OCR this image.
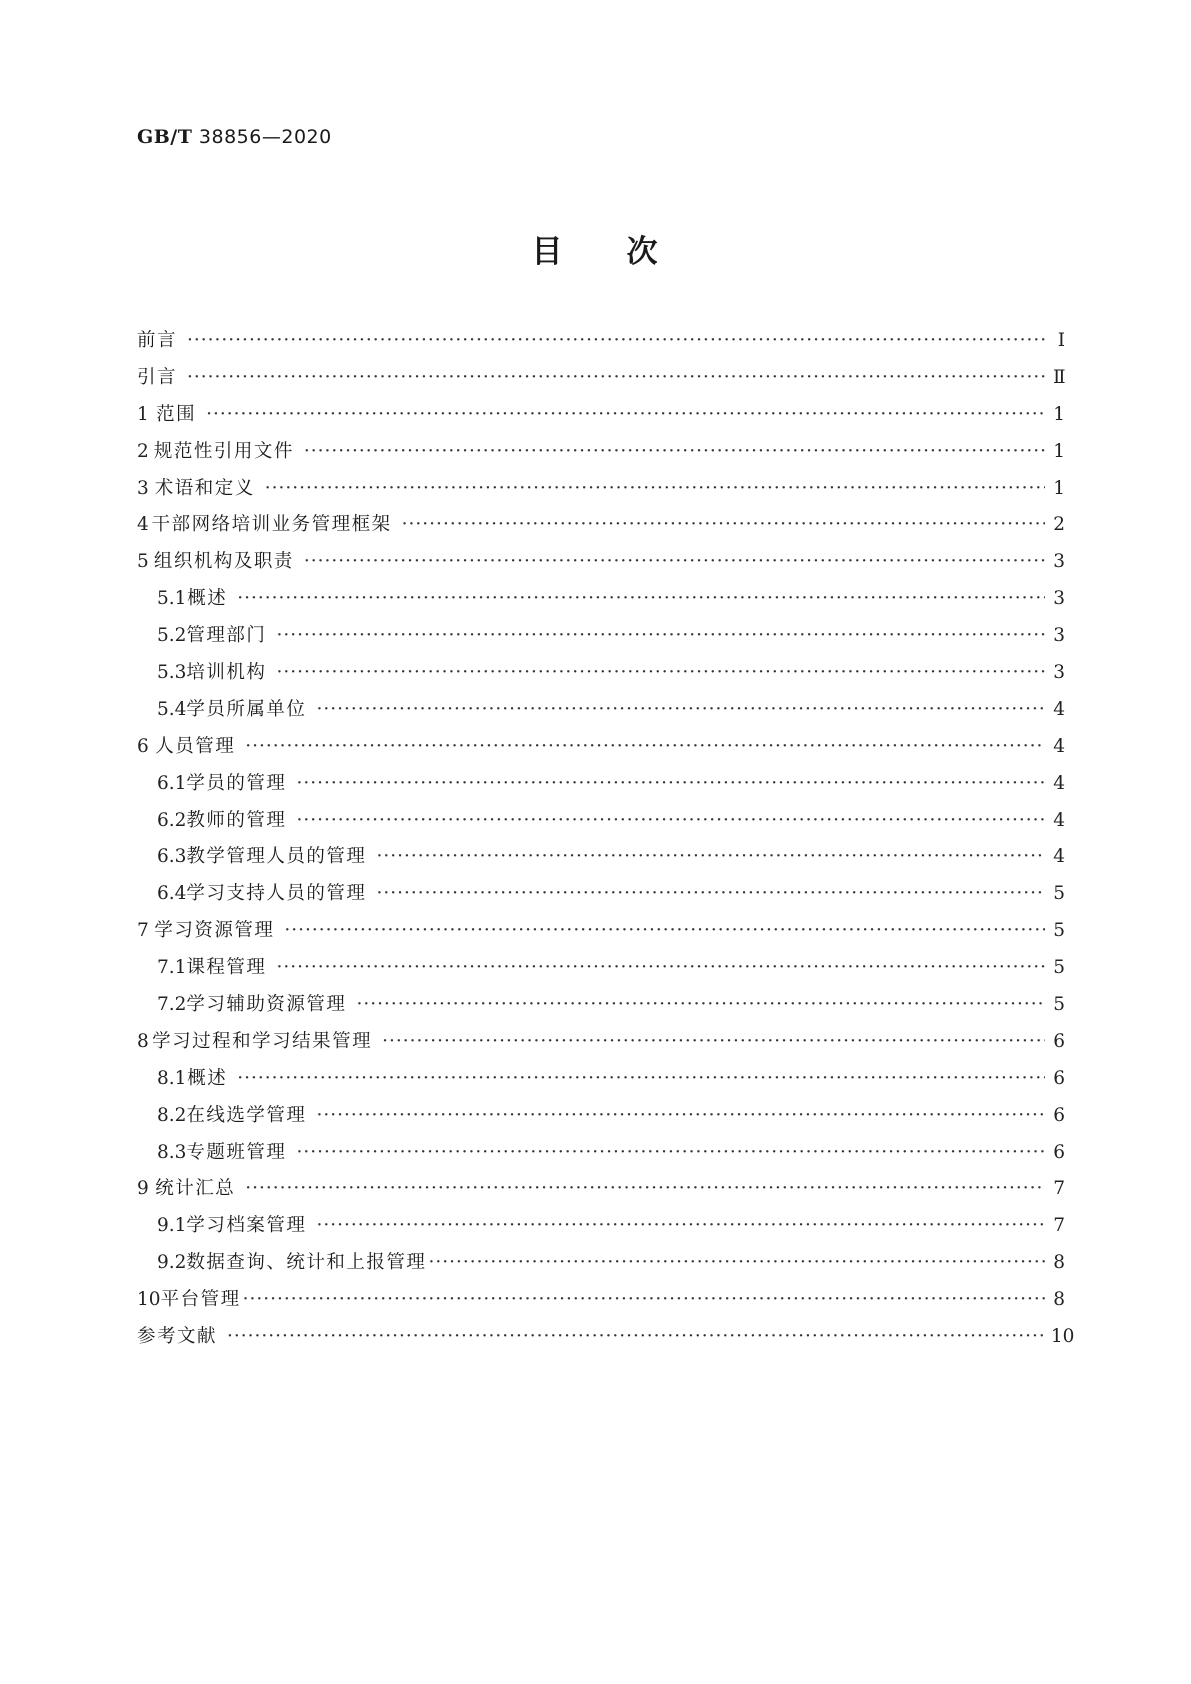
GB/T 38856—2020
目 次
前言 ·····	Ⅰ
引言 ·····	Ⅱ
1 范围 ·····	1
2 规范性引用文件 ·····	1
3 术语和定义 ·····	1
4 干部网络培训业务管理框架 ·····	2
5 组织机构及职责 ·····	3
5.1 概述 ·····	3
5.2 管理部门 ·····	3
5.3 培训机构 ·····	3
5.4 学员所属单位 ·····	4
6 人员管理 ·····	4
6.1 学员的管理 ·····	4
6.2 教师的管理 ·····	4
6.3 教学管理人员的管理 ·····	4
6.4 学习支持人员的管理 ·····	5
7 学习资源管理 ·····	5
7.1 课程管理 ·····	5
7.2 学习辅助资源管理 ·····	5
8 学习过程和学习结果管理 ·····	6
8.1 概述 ·····	6
8.2 在线选学管理 ·····	6
8.3 专题班管理 ·····	6
9 统计汇总 ·····	7
9.1 学习档案管理 ·····	7
9.2 数据查询、统计和上报管理 ·····	8
10 平台管理 ·····	8
参考文献 ·····	10
